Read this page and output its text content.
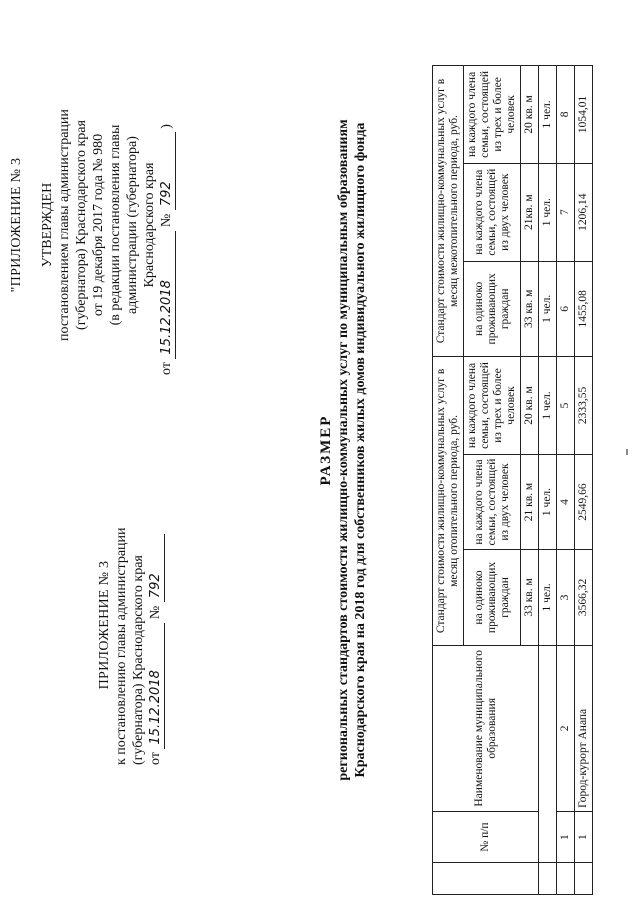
ПРИЛОЖЕНИЕ № 3 к постановлению главы администрации (губернатора) Краснодарского края от 15.12.2018 № 792
"ПРИЛОЖЕНИЕ № 3 УТВЕРЖДЕН постановлением главы администрации (губернатора) Краснодарского края от 19 декабря 2017 года № 980 (в редакции постановления главы администрации (губернатора) Краснодарского края
от 15.12.2018 № 792 )
РАЗМЕР региональных стандартов стоимости жилищно-коммунальных услуг по муниципальным образованиям Краснодарского края на 2018 год для собственников жилых домов индивидуального жилищного фонда
	№ п/п	Наименование муниципального образования	Стандарт стоимости жилищно-коммунальных услуг в месяц отопительного периода, руб.			Стандарт стоимости жилищно-коммунальных услуг в месяц межотопительного периода, руб.		
			на одиноко проживающих граждан	на каждого члена семьи, состоящей из двух человек	на каждого члена семьи, состоящей из трех и более человек	на одиноко проживающих граждан	на каждого члена семьи, состоящей из двух человек	на каждого члена семьи, состоящей из трех и более человек
			33 кв. м	21 кв. м	20 кв. м	33 кв. м	21кв. м	20 кв. м
			1 чел.	1 чел.	1 чел.	1 чел.	1 чел.	1 чел.
	1	2	3	4	5	6	7	8
	1	Город-курорт Анапа	3566,32	2549,66	2333,55	1455,08	1206,14	1054,01
